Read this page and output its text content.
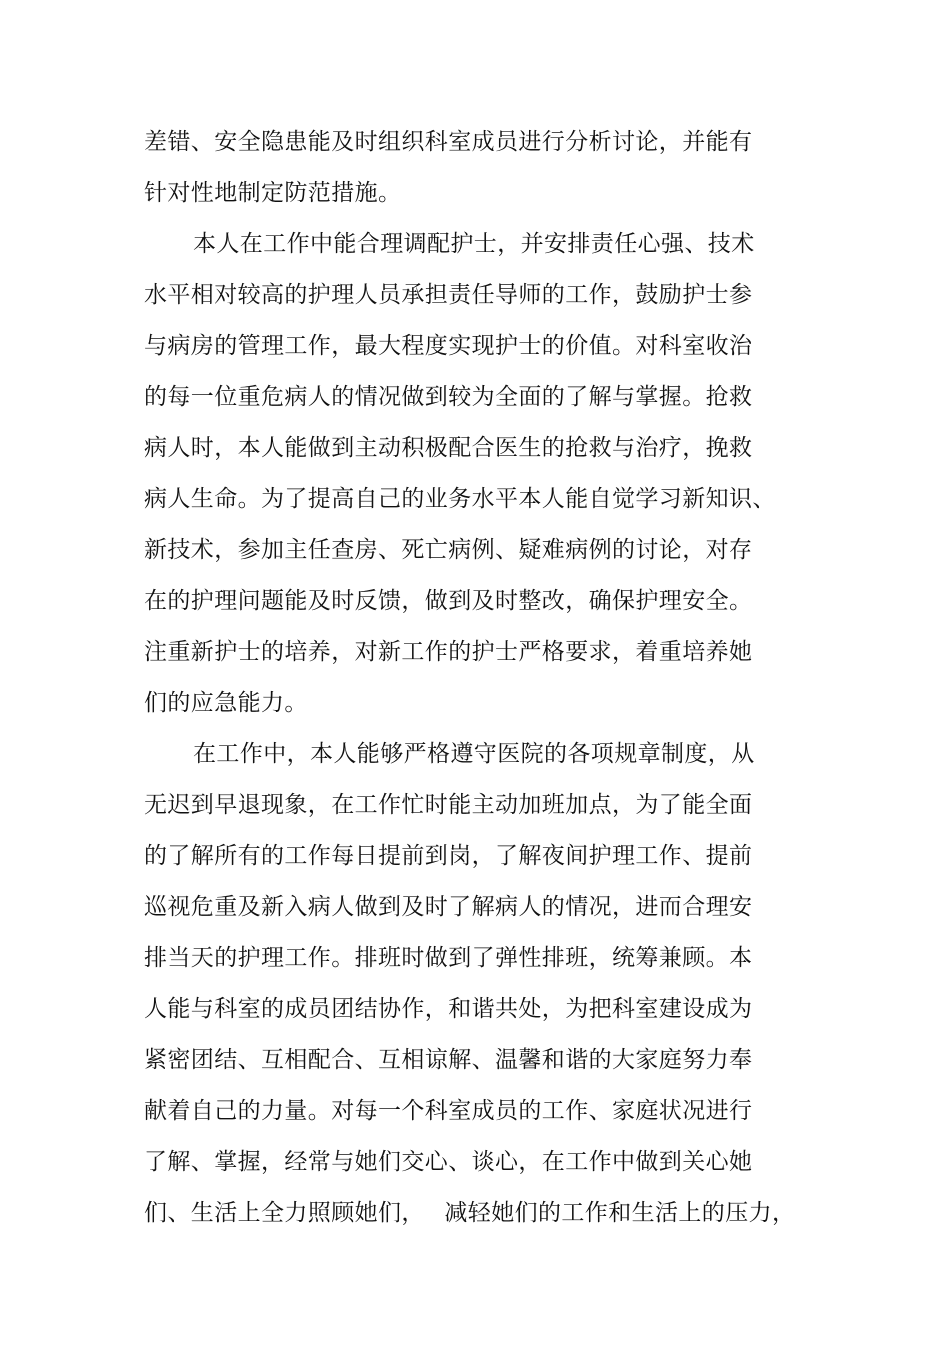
差错、安全隐患能及时组织科室成员进行分析讨论，并能有
针对性地制定防范措施。
本人在工作中能合理调配护士，并安排责任心强、技术
水平相对较高的护理人员承担责任导师的工作，鼓励护士参
与病房的管理工作，最大程度实现护士的价值。对科室收治
的每一位重危病人的情况做到较为全面的了解与掌握。抢救
病人时，本人能做到主动积极配合医生的抢救与治疗，挽救
病人生命。为了提高自己的业务水平本人能自觉学习新知识、
新技术，参加主任查房、死亡病例、疑难病例的讨论，对存
在的护理问题能及时反馈，做到及时整改，确保护理安全。
注重新护士的培养，对新工作的护士严格要求，着重培养她
们的应急能力。
在工作中，本人能够严格遵守医院的各项规章制度，从
无迟到早退现象，在工作忙时能主动加班加点，为了能全面
的了解所有的工作每日提前到岗，了解夜间护理工作、提前
巡视危重及新入病人做到及时了解病人的情况，进而合理安
排当天的护理工作。排班时做到了弹性排班，统筹兼顾。本
人能与科室的成员团结协作，和谐共处，为把科室建设成为
紧密团结、互相配合、互相谅解、温馨和谐的大家庭努力奉
献着自己的力量。对每一个科室成员的工作、家庭状况进行
了解、掌握，经常与她们交心、谈心，在工作中做到关心她
们、生活上全力照顾她们，　 减轻她们的工作和生活上的压力，
